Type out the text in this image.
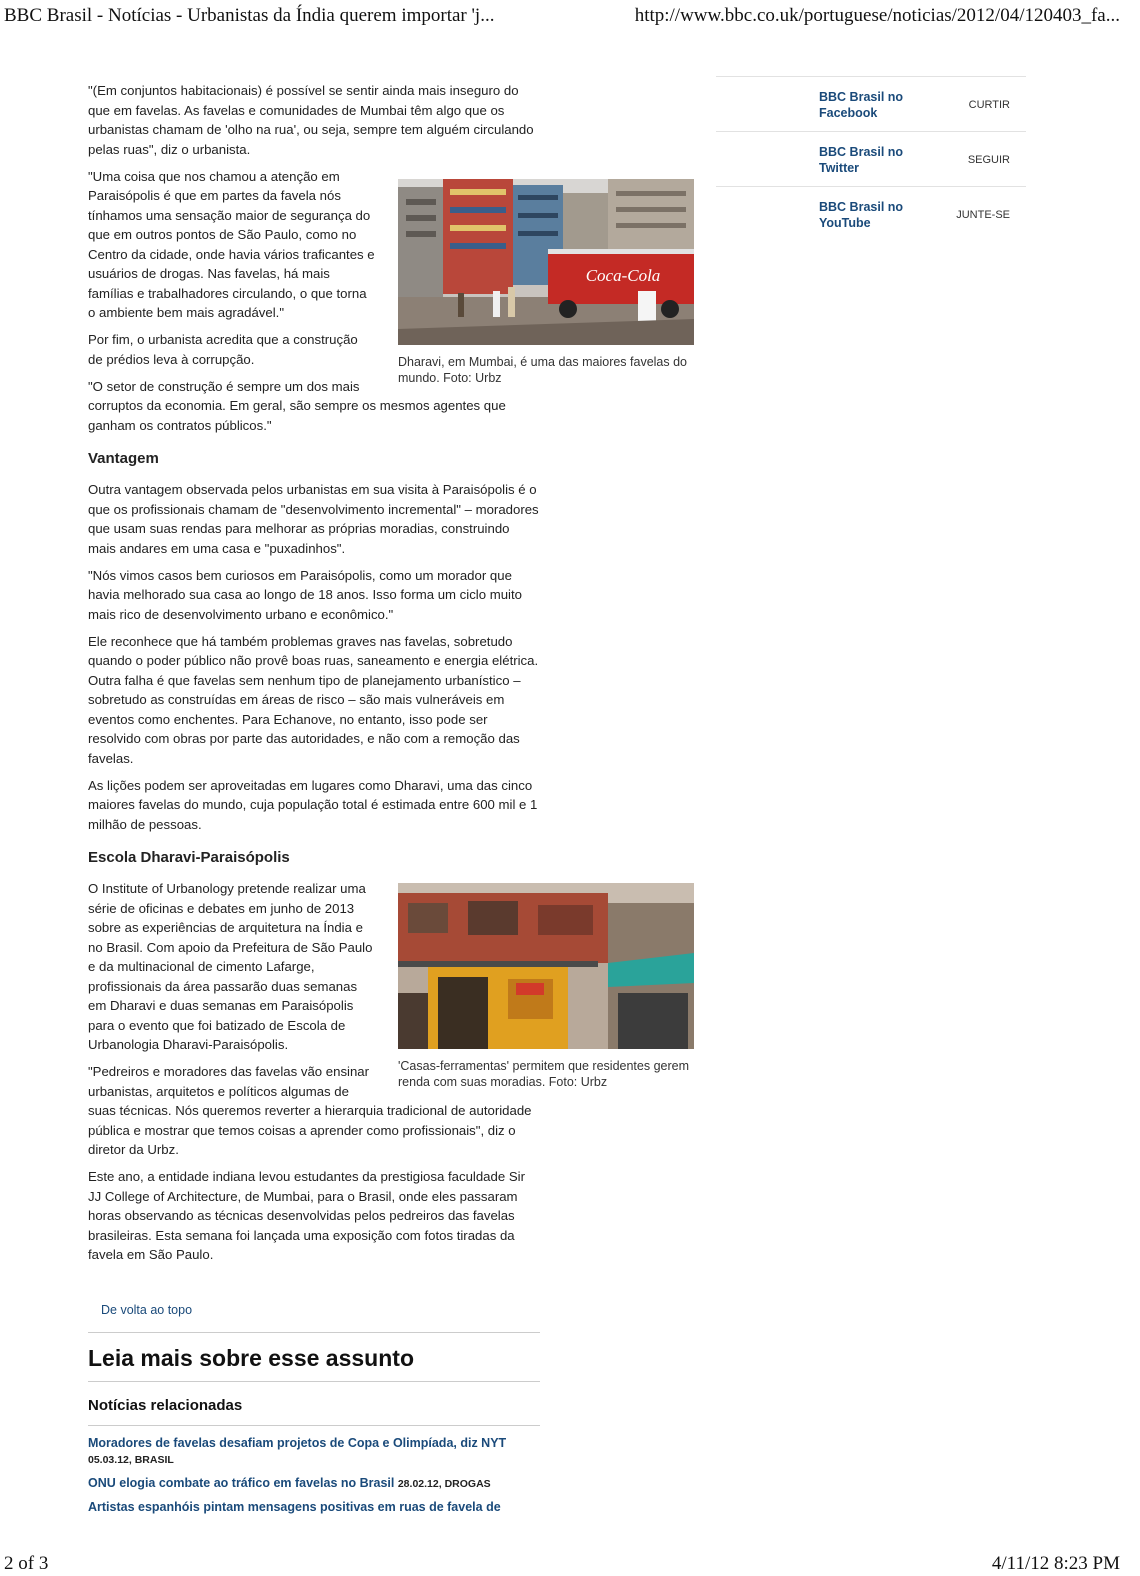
BBC Brasil - Notícias - Urbanistas da Índia querem importar 'j...	http://www.bbc.co.uk/portuguese/noticias/2012/04/120403_fa...

"(Em conjuntos habitacionais) é possível se sentir ainda mais inseguro do que em favelas. As favelas e comunidades de Mumbai têm algo que os urbanistas chamam de 'olho na rua', ou seja, sempre tem alguém circulando pelas ruas", diz o urbanista.

Coca-Cola
Dharavi, em Mumbai, é uma das maiores favelas do mundo. Foto: Urbz

"Uma coisa que nos chamou a atenção em Paraisópolis é que em partes da favela nós tínhamos uma sensação maior de segurança do que em outros pontos de São Paulo, como no Centro da cidade, onde havia vários traficantes e usuários de drogas. Nas favelas, há mais famílias e trabalhadores circulando, o que torna o ambiente bem mais agradável."

Por fim, o urbanista acredita que a construção de prédios leva à corrupção.

"O setor de construção é sempre um dos mais corruptos da economia. Em geral, são sempre os mesmos agentes que ganham os contratos públicos."

Vantagem

Outra vantagem observada pelos urbanistas em sua visita à Paraisópolis é o que os profissionais chamam de "desenvolvimento incremental" – moradores que usam suas rendas para melhorar as próprias moradias, construindo mais andares em uma casa e "puxadinhos".

"Nós vimos casos bem curiosos em Paraisópolis, como um morador que havia melhorado sua casa ao longo de 18 anos. Isso forma um ciclo muito mais rico de desenvolvimento urbano e econômico."

Ele reconhece que há também problemas graves nas favelas, sobretudo quando o poder público não provê boas ruas, saneamento e energia elétrica. Outra falha é que favelas sem nenhum tipo de planejamento urbanístico – sobretudo as construídas em áreas de risco – são mais vulneráveis em eventos como enchentes. Para Echanove, no entanto, isso pode ser resolvido com obras por parte das autoridades, e não com a remoção das favelas.

As lições podem ser aproveitadas em lugares como Dharavi, uma das cinco maiores favelas do mundo, cuja população total é estimada entre 600 mil e 1 milhão de pessoas.

Escola Dharavi-Paraisópolis
'Casas-ferramentas' permitem que residentes gerem renda com suas moradias. Foto: Urbz

O Institute of Urbanology pretende realizar uma série de oficinas e debates em junho de 2013 sobre as experiências de arquitetura na Índia e no Brasil. Com apoio da Prefeitura de São Paulo e da multinacional de cimento Lafarge, profissionais da área passarão duas semanas em Dharavi e duas semanas em Paraisópolis para o evento que foi batizado de Escola de Urbanologia Dharavi-Paraisópolis.

"Pedreiros e moradores das favelas vão ensinar urbanistas, arquitetos e políticos algumas de suas técnicas. Nós queremos reverter a hierarquia tradicional de autoridade pública e mostrar que temos coisas a aprender como profissionais", diz o diretor da Urbz.

Este ano, a entidade indiana levou estudantes da prestigiosa faculdade Sir JJ College of Architecture, de Mumbai, para o Brasil, onde eles passaram horas observando as técnicas desenvolvidas pelos pedreiros das favelas brasileiras. Esta semana foi lançada uma exposição com fotos tiradas da favela em São Paulo.

De volta ao topo
Leia mais sobre esse assunto
Notícias relacionadas
Moradores de favelas desafiam projetos de Copa e Olimpíada, diz NYT 05.03.12, BRASIL
ONU elogia combate ao tráfico em favelas no Brasil 28.02.12, DROGAS
Artistas espanhóis pintam mensagens positivas em ruas de favela de
BBC Brasil no Facebook
CURTIR
BBC Brasil no Twitter
SEGUIR
BBC Brasil no YouTube
JUNTE-SE
2 of 3	4/11/12 8:23 PM
